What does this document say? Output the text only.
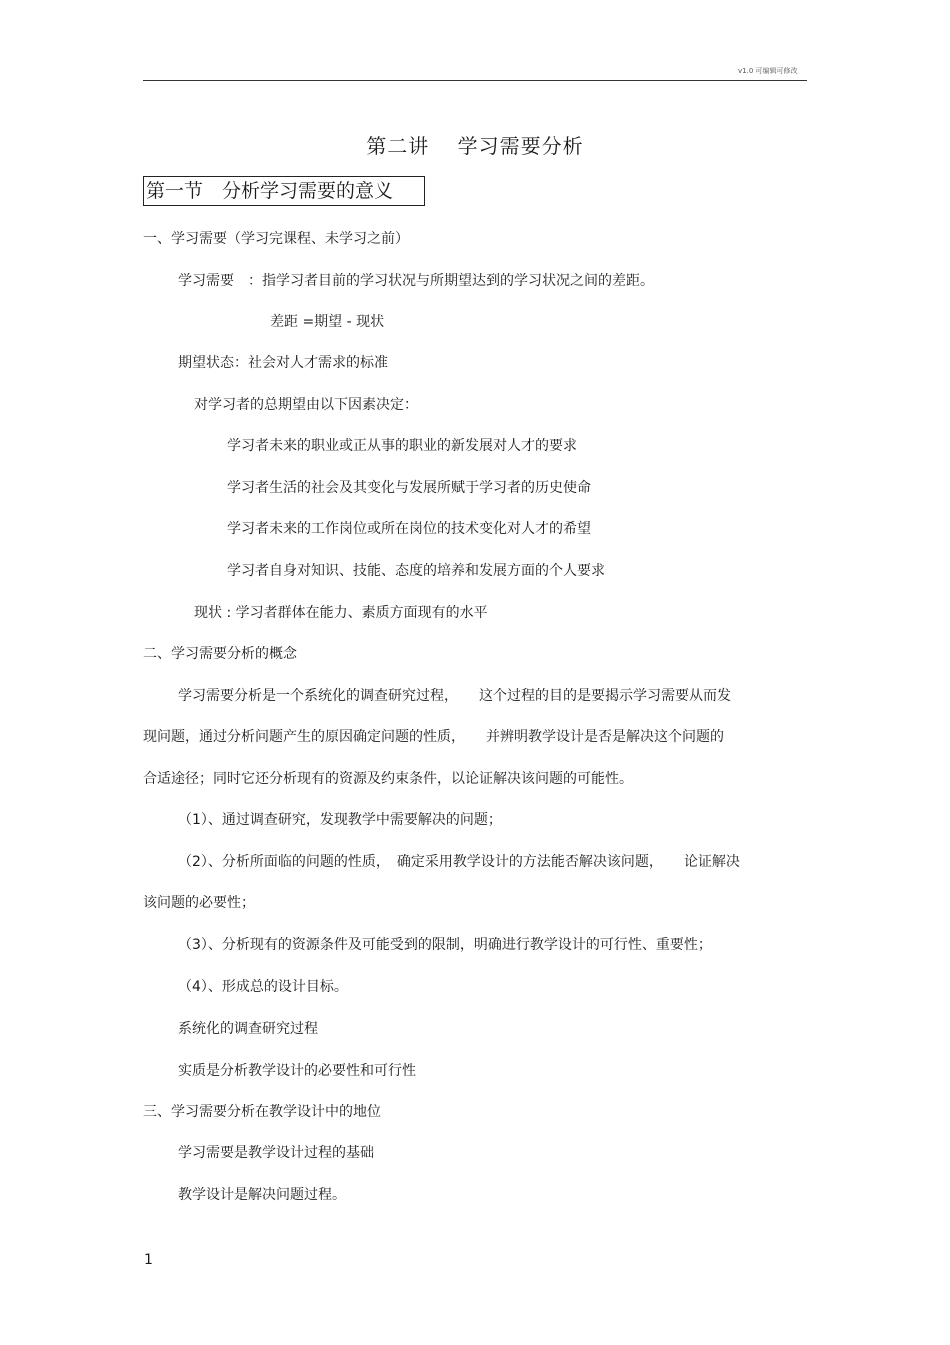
v1.0 可编辑可修改
第二讲　 学习需要分析
第一节　分析学习需要的意义
一、学习需要（学习完课程、未学习之前）
学习需要　：指学习者目前的学习状况与所期望达到的学习状况之间的差距。
差距 =期望 - 现状
期望状态：社会对人才需求的标准
对学习者的总期望由以下因素决定：
学习者未来的职业或正从事的职业的新发展对人才的要求
学习者生活的社会及其变化与发展所赋于学习者的历史使命
学习者未来的工作岗位或所在岗位的技术变化对人才的希望
学习者自身对知识、技能、态度的培养和发展方面的个人要求
现状 : 学习者群体在能力、素质方面现有的水平
二、学习需要分析的概念
学习需要分析是一个系统化的调查研究过程，　　这个过程的目的是要揭示学习需要从而发
现问题，通过分析问题产生的原因确定问题的性质，　　并辨明教学设计是否是解决这个问题的
合适途径；同时它还分析现有的资源及约束条件，以论证解决该问题的可能性。
（1）、通过调查研究，发现教学中需要解决的问题；
（2）、分析所面临的问题的性质，　确定采用教学设计的方法能否解决该问题，　　论证解决
该问题的必要性；
（3）、分析现有的资源条件及可能受到的限制，明确进行教学设计的可行性、重要性；
（4）、形成总的设计目标。
系统化的调查研究过程
实质是分析教学设计的必要性和可行性
三、学习需要分析在教学设计中的地位
学习需要是教学设计过程的基础
教学设计是解决问题过程。
1
